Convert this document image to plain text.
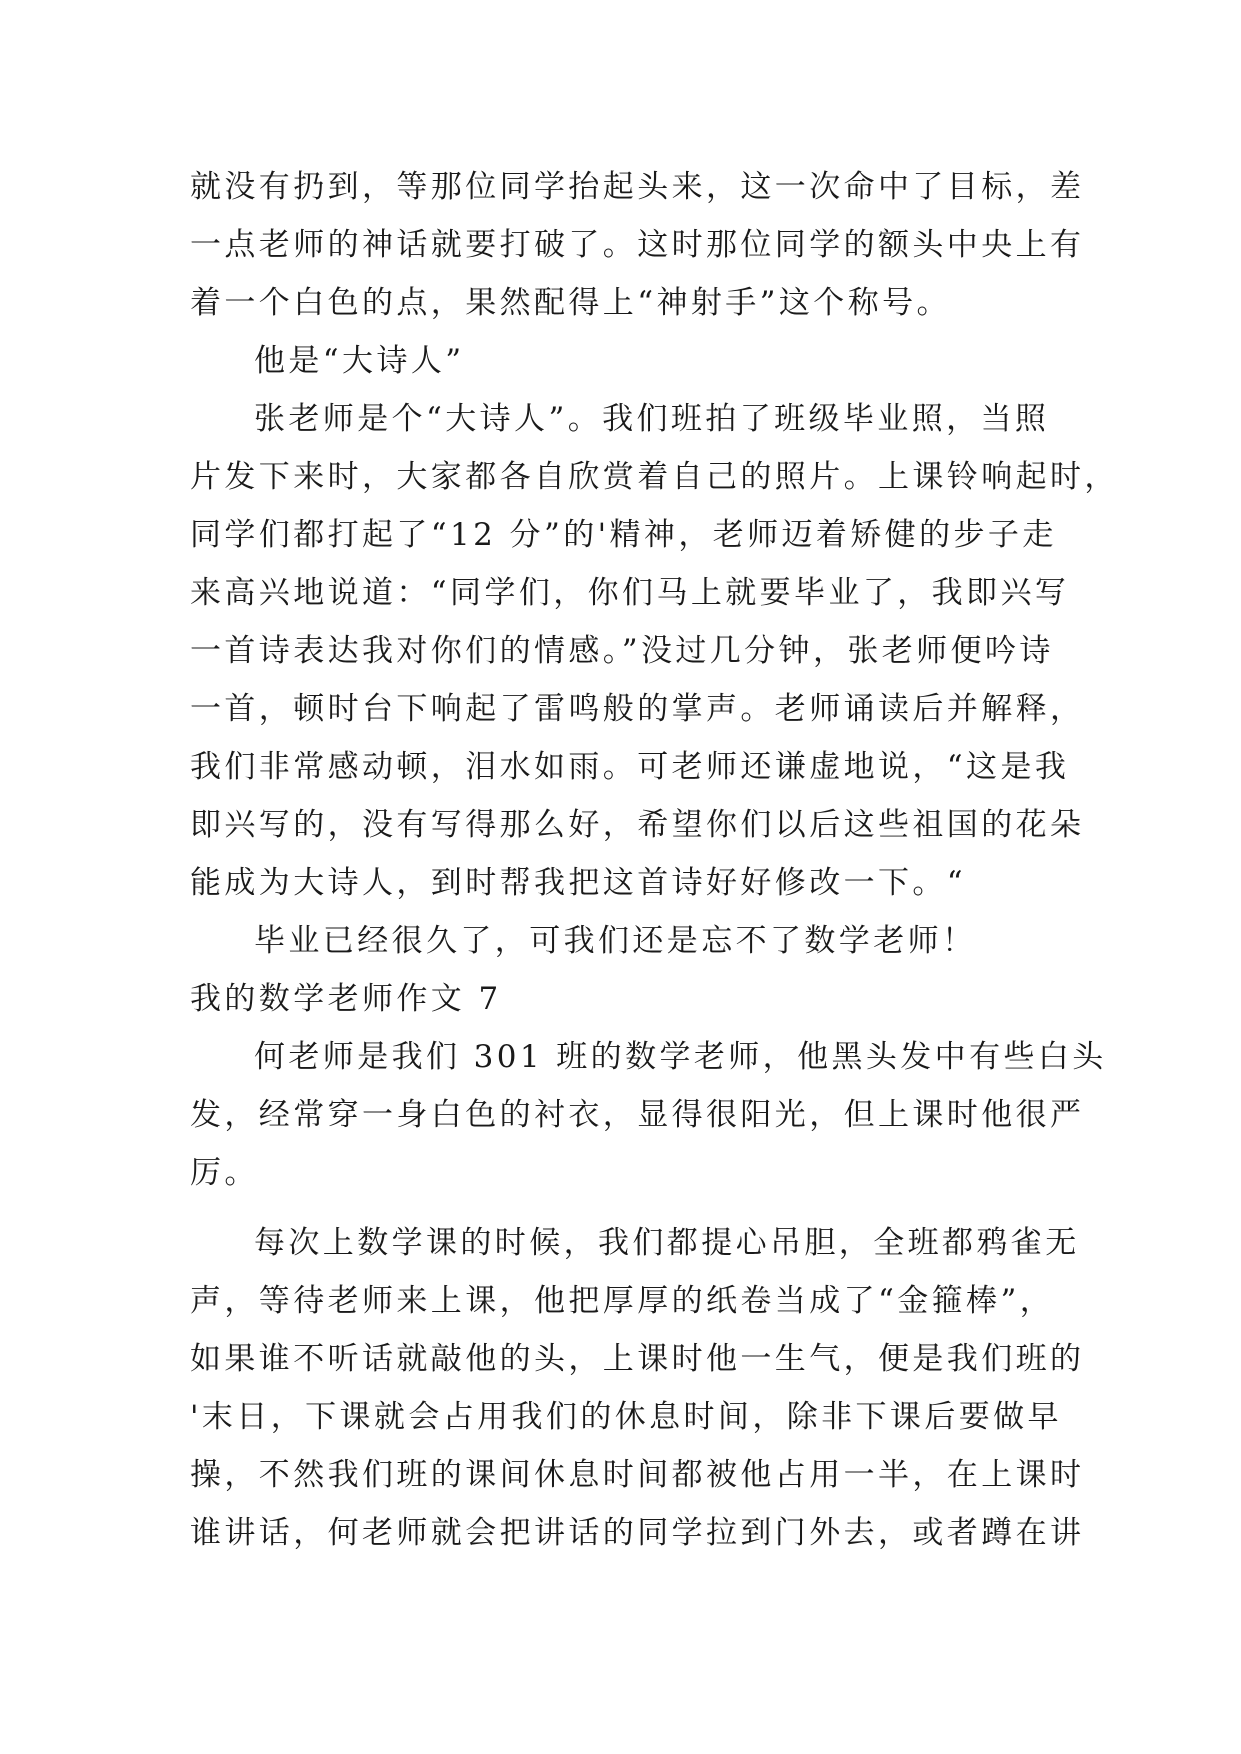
就没有扔到，等那位同学抬起头来，这一次命中了目标，差
一点老师的神话就要打破了。这时那位同学的额头中央上有
着一个白色的点，果然配得上“神射手”这个称号。
他是“大诗人”
张老师是个“大诗人”。我们班拍了班级毕业照，当照
片发下来时，大家都各自欣赏着自己的照片。上课铃响起时，
同学们都打起了“12 分”的'精神，老师迈着矫健的步子走
来高兴地说道：“同学们，你们马上就要毕业了，我即兴写
一首诗表达我对你们的情感。”没过几分钟，张老师便吟诗
一首，顿时台下响起了雷鸣般的掌声。老师诵读后并解释，
我们非常感动顿，泪水如雨。可老师还谦虚地说，“这是我
即兴写的，没有写得那么好，希望你们以后这些祖国的花朵
能成为大诗人，到时帮我把这首诗好好修改一下。“
毕业已经很久了，可我们还是忘不了数学老师！
我的数学老师作文 7
何老师是我们 301 班的数学老师，他黑头发中有些白头
发，经常穿一身白色的衬衣，显得很阳光，但上课时他很严
厉。
每次上数学课的时候，我们都提心吊胆，全班都鸦雀无
声，等待老师来上课，他把厚厚的纸卷当成了“金箍棒”，
如果谁不听话就敲他的头，上课时他一生气，便是我们班的
'末日，下课就会占用我们的休息时间，除非下课后要做早
操，不然我们班的课间休息时间都被他占用一半，在上课时
谁讲话，何老师就会把讲话的同学拉到门外去，或者蹲在讲
